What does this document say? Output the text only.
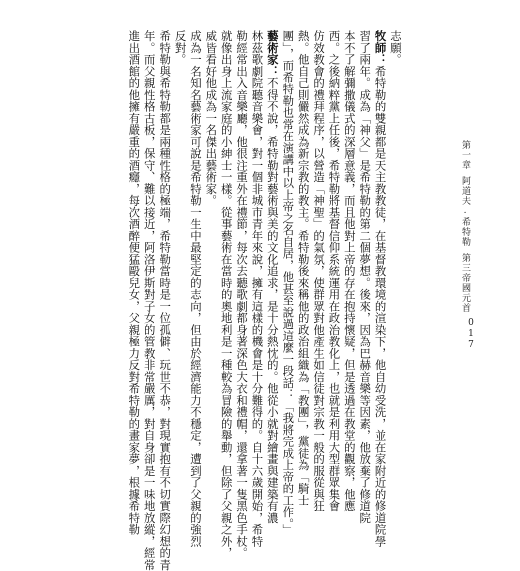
志願。
牧師：希特勒的雙親都是天主教教徒，在基督教環境的渲染下，他自幼受洗，並在家附近的修道院學
習了兩年。成為「神父」是希特勒的第二個夢想。後來，因為巴赫音樂等因素，他放棄了修道院
本不了解彌撒儀式的深層意義，而且他對上帝的存在抱持懷疑，但是透過在教堂的觀察，他應
西。之後納粹黨上任後，希特勒將基督信仰系統運用在政治教化上，也就是利用大型群眾集會
仿效教會的禮拜程序，以營造「神聖」的氣氛，使群眾對他產生如信徒對宗教一般的服從與狂
熱。他自己則儼然成為新宗教的教主。希特勒後來稱他的政治組織為「教團」，黨徒為「騎士
團」，而希特勒也常在演講中以上帝之名自居，他甚至說過這麼一段話：「我將完成上帝的工作。」
藝術家：不得不說，希特勒對藝術與美的文化追求，是十分熱忱的。他從小就對繪畫與建築有濃
林茲歌劇院聽音樂會，對一個非城市青年來說，擁有這樣的機會是十分難得的。自十六歲開始，希特
勒經常出入音樂廳，他很注重外在禮節，每次去聽歌劇都身著深色大衣和禮帽，還拿著一隻黑色手杖。
就像出身上流家庭的小紳士一樣。從事藝術在當時的奧地利是一種較為冒險的舉動，但除了父親之外，
威皆看好他成為一名傑出藝術家。
成為一名知名藝術家可說是希特勒一生中最堅定的志向，但由於經濟能力不穩定，遭到了父親的強烈
反對。
希特勒與希特勒都是兩種性格的極端，希特勒當時是一位孤僻、玩世不恭，對現實抱有不切實際幻想的青
年。而父親性格古板，保守、難以接近，阿洛伊斯對子女的管教非常嚴厲，對自身卻是一味地放縱，經常
進出酒館的他擁有嚴重的酒癮，每次酒醉便猛毆兒女，父親極力反對希特勒的畫家夢，根據希特勒	第一章
阿道夫.希特勒
第三帝國元首
017
